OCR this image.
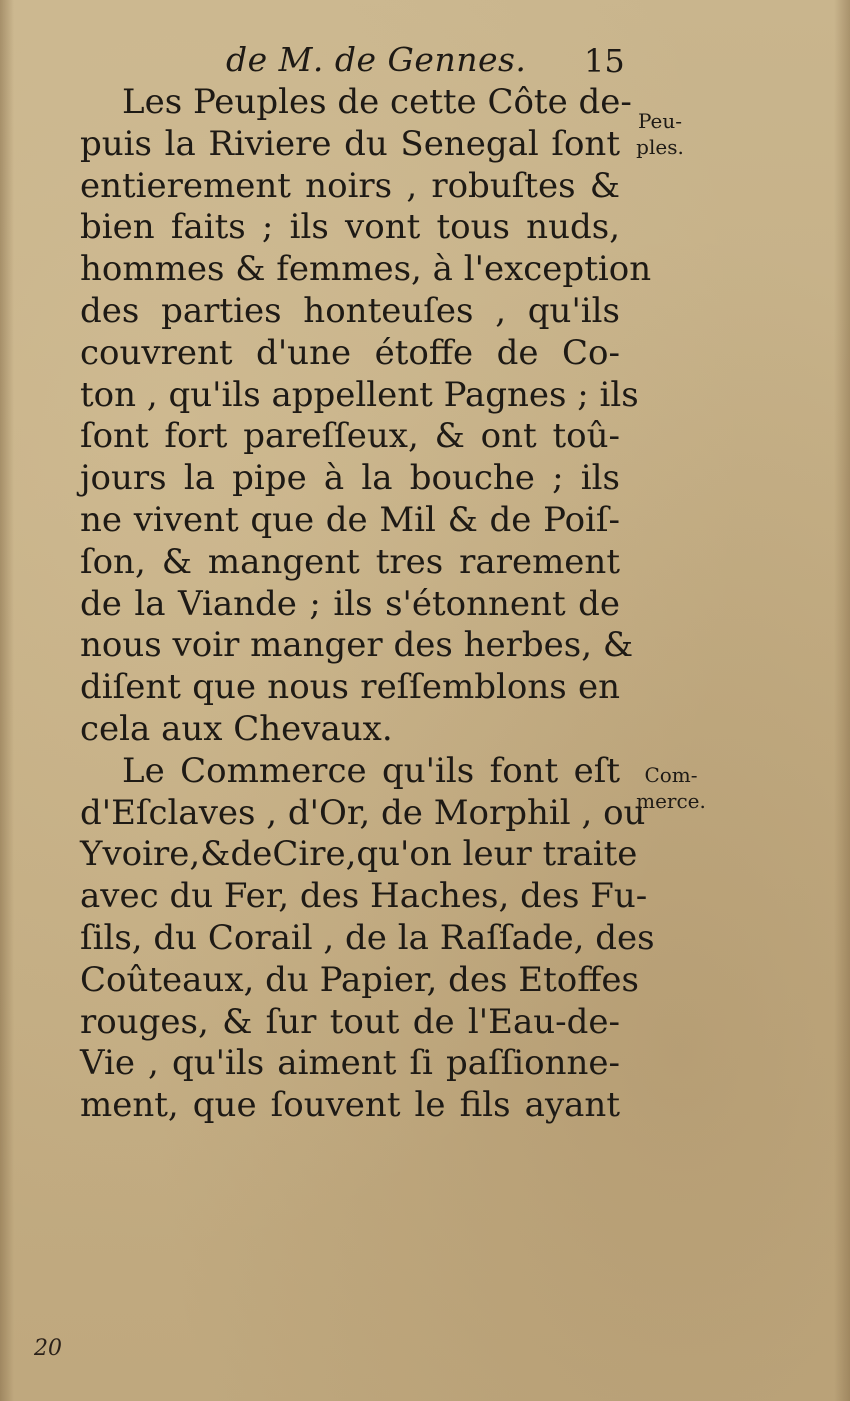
de M. de Gennes. 15
Les Peuples de cette Côte de-
puis la Riviere du Senegal ſont
entierement noirs , robuſtes &
bien faits ; ils vont tous nuds,
hommes & femmes, à l'exception
des parties honteuſes , qu'ils
couvrent d'une étoffe de Co-
ton , qu'ils appellent Pagnes ; ils
ſont fort pareſſeux, & ont toû-
jours la pipe à la bouche ; ils
ne vivent que de Mil & de Poiſ-
ſon, & mangent tres rarement
de la Viande ; ils s'étonnent de
nous voir manger des herbes, &
diſent que nous reſſemblons en
cela aux Chevaux.
Le Commerce qu'ils font eſt
d'Eſclaves , d'Or, de Morphil , ou
Yvoire,&deCire,qu'on leur traite
avec du Fer, des Haches, des Fu-
ſils, du Corail , de la Raſſade, des
Coûteaux, du Papier, des Etoffes
rouges, & ſur tout de l'Eau-de-
Vie , qu'ils aiment ſi paſſionne-
ment, que ſouvent le fils ayant
Peu-
ples.
Com-
merce.
20
